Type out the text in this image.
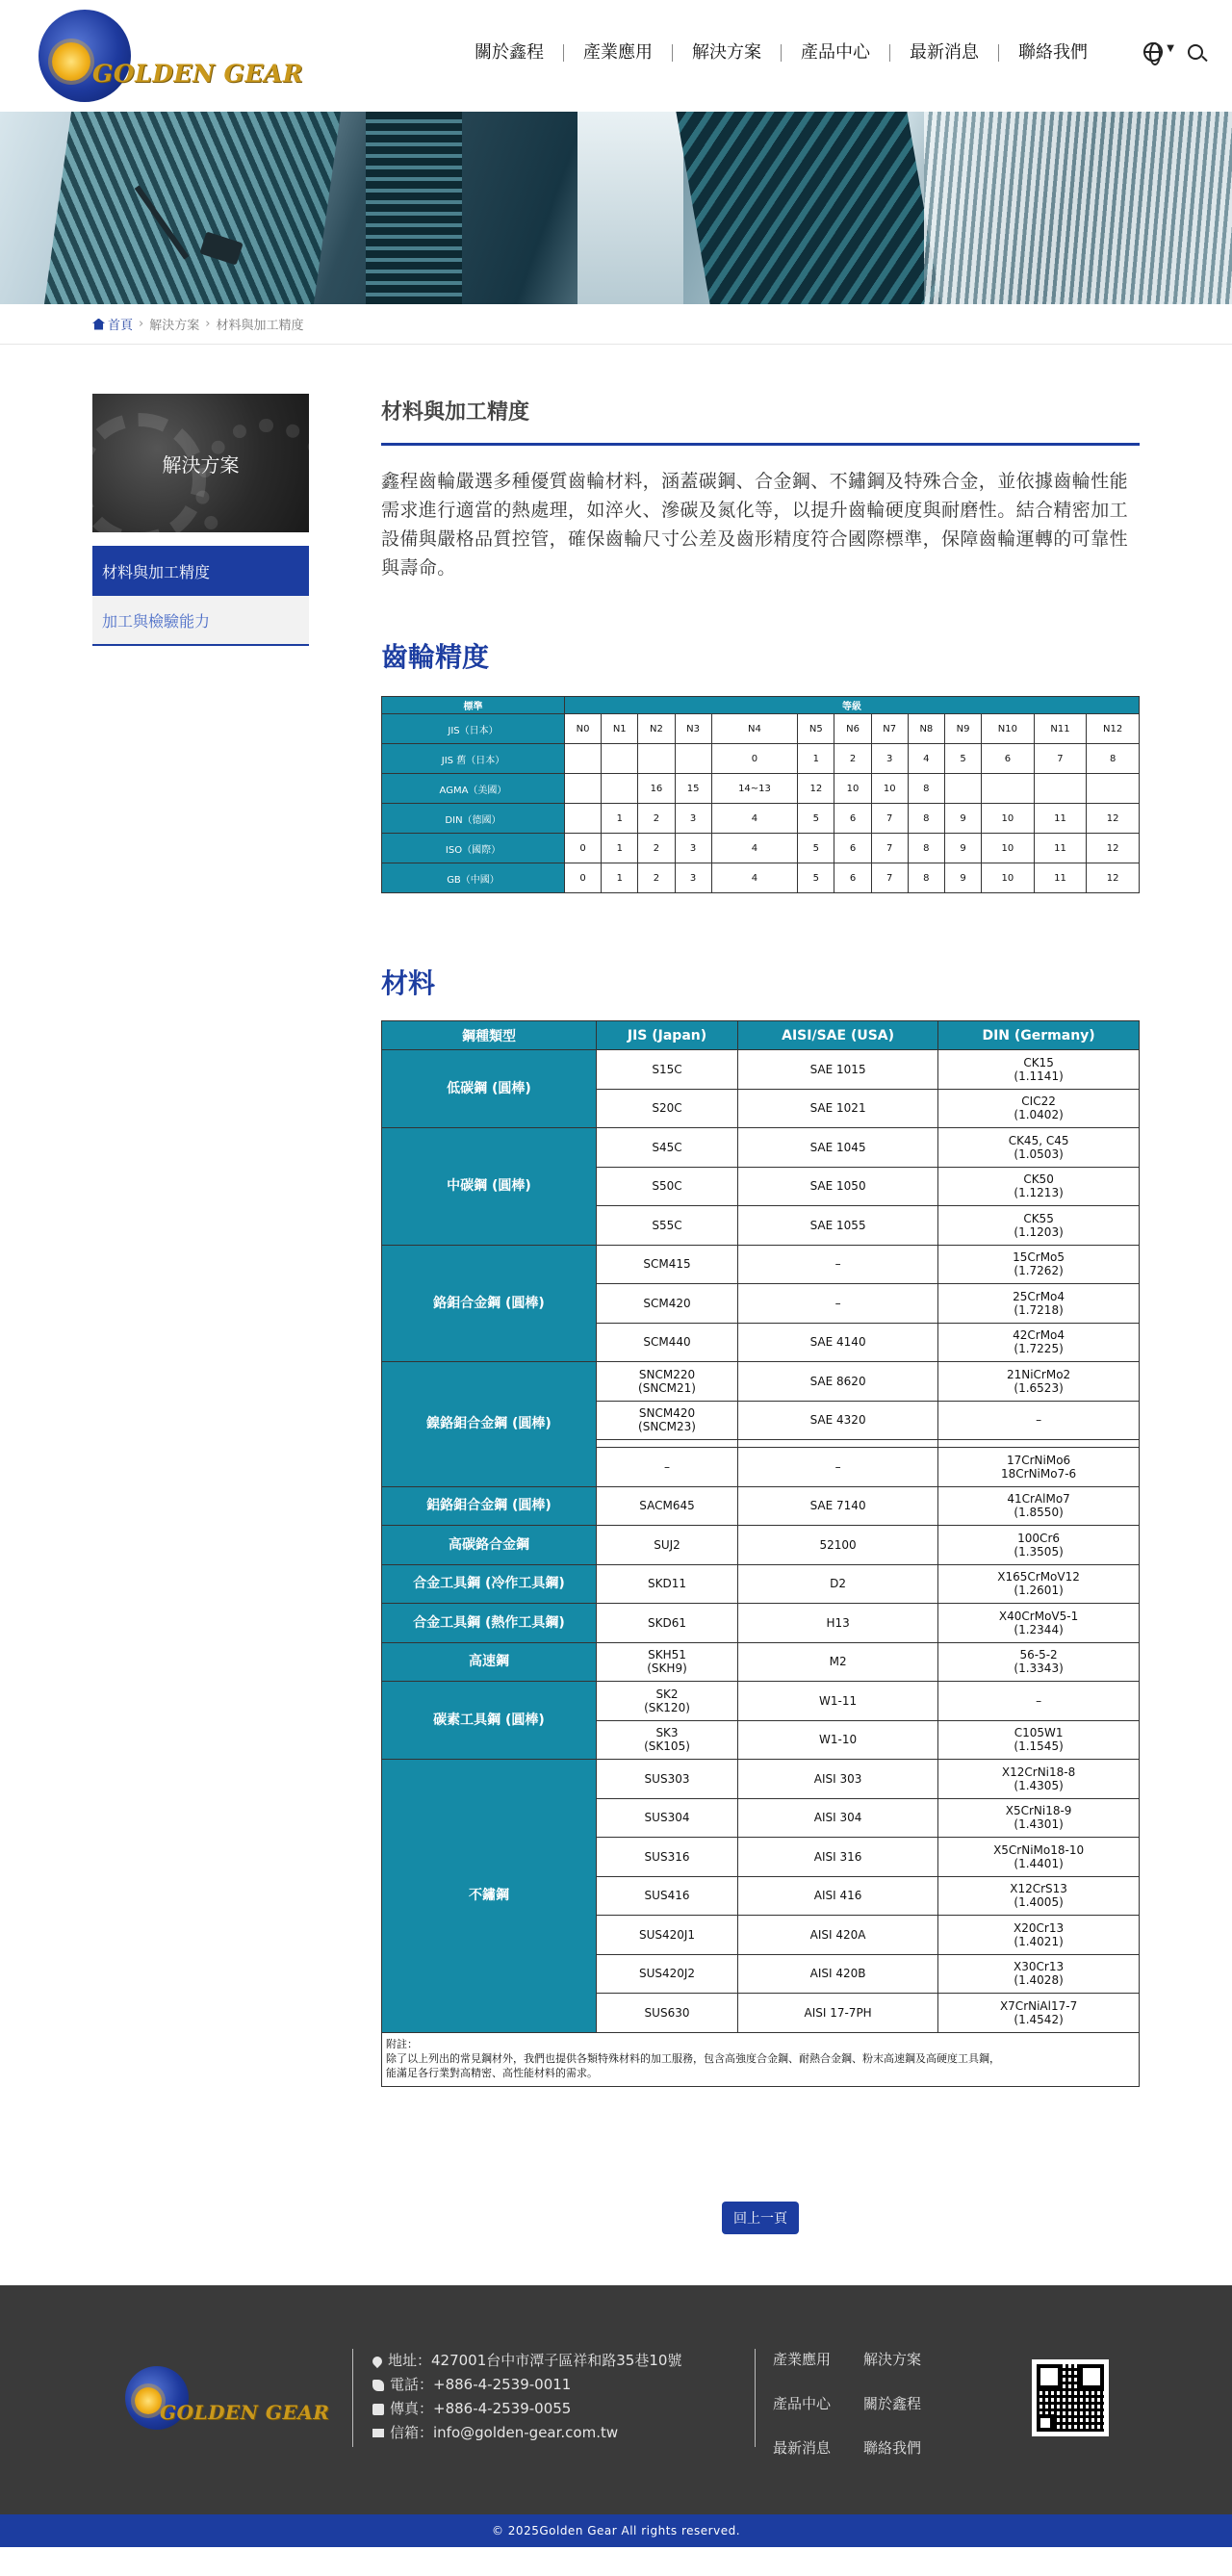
GOLDEN GEAR
關於鑫程	產業應用	解決方案	產品中心	最新消息	聯絡我們	▼
首頁 › 解決方案 › 材料與加工精度
解決方案
材料與加工精度
加工與檢驗能力
材料與加工精度

鑫程齒輪嚴選多種優質齒輪材料，涵蓋碳鋼、合金鋼、不鏽鋼及特殊合金，並依據齒輪性能需求進行適當的熱處理，如淬火、滲碳及氮化等，以提升齒輪硬度與耐磨性。結合精密加工設備與嚴格品質控管，確保齒輪尺寸公差及齒形精度符合國際標準，保障齒輪運轉的可靠性與壽命。

齒輪精度
標準	等級												
JIS（日本）	N0	N1	N2	N3	N4	N5	N6	N7	N8	N9	N10	N11	N12
JIS 舊（日本）					0	1	2	3	4	5	6	7	8
AGMA（美國）			16	15	14~13	12	10	10	8				
DIN（德國）		1	2	3	4	5	6	7	8	9	10	11	12
ISO（國際）	0	1	2	3	4	5	6	7	8	9	10	11	12
GB（中國）	0	1	2	3	4	5	6	7	8	9	10	11	12
材料
鋼種類型	JIS (Japan)	AISI/SAE (USA)	DIN (Germany)
低碳鋼 (圓棒)	S15C	SAE 1015	CK15
(1.1141)
	S20C	SAE 1021	CIC22
(1.0402)
中碳鋼 (圓棒)	S45C	SAE 1045	CK45, C45
(1.0503)
	S50C	SAE 1050	CK50
(1.1213)
	S55C	SAE 1055	CK55
(1.1203)
鉻鉬合金鋼 (圓棒)	SCM415	–	15CrMo5
(1.7262)
	SCM420	–	25CrMo4
(1.7218)
	SCM440	SAE 4140	42CrMo4
(1.7225)
鎳鉻鉬合金鋼 (圓棒)	SNCM220
(SNCM21)	SAE 8620	21NiCrMo2
(1.6523)
	SNCM420
(SNCM23)	SAE 4320	–

	–	–	17CrNiMo6
18CrNiMo7-6
鋁鉻鉬合金鋼 (圓棒)	SACM645	SAE 7140	41CrAlMo7
(1.8550)
高碳鉻合金鋼	SUJ2	52100	100Cr6
(1.3505)
合金工具鋼 (冷作工具鋼)	SKD11	D2	X165CrMoV12
(1.2601)
合金工具鋼 (熱作工具鋼)	SKD61	H13	X40CrMoV5-1
(1.2344)
高速鋼	SKH51
(SKH9)	M2	56-5-2
(1.3343)
碳素工具鋼 (圓棒)	SK2
(SK120)	W1-11	–
	SK3
(SK105)	W1-10	C105W1
(1.1545)
不鏽鋼	SUS303	AISI 303	X12CrNi18-8
(1.4305)
	SUS304	AISI 304	X5CrNi18-9
(1.4301)
	SUS316	AISI 316	X5CrNiMo18-10
(1.4401)
	SUS416	AISI 416	X12CrS13
(1.4005)
	SUS420J1	AISI 420A	X20Cr13
(1.4021)
	SUS420J2	AISI 420B	X30Cr13
(1.4028)
	SUS630	AISI 17-7PH	X7CrNiAl17-7
(1.4542)
附註：
除了以上列出的常見鋼材外，我們也提供各類特殊材料的加工服務，包含高強度合金鋼、耐熱合金鋼、粉末高速鋼及高硬度工具鋼，
能滿足各行業對高精密、高性能材料的需求。
回上一頁
GOLDEN GEAR
地址：427001台中市潭子區祥和路35巷10號
電話：+886-4-2539-0011
傳真：+886-4-2539-0055
信箱：info@golden-gear.com.tw
產業應用	解決方案
產品中心	關於鑫程
最新消息	聯絡我們
© 2025Golden Gear All rights reserved.
